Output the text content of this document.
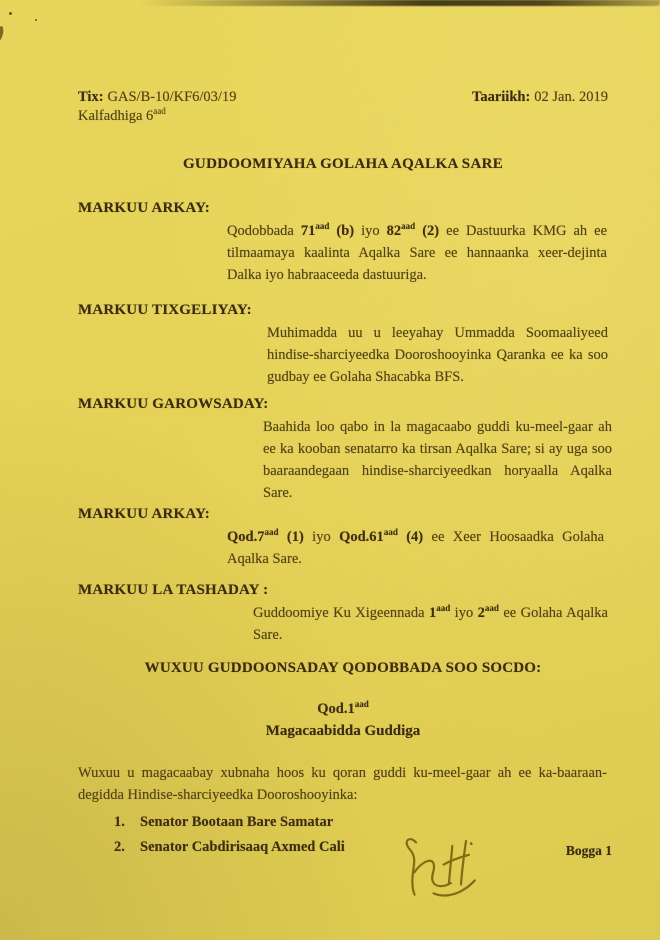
Tix: GAS/B-10/KF6/03/19
Kalfadhiga $6^{aad}$
Taariikh: 02 Jan. 2019
GUDDOOMIYAHA GOLAHA AQALKA SARE
MARKUU ARKAY:
Qodobbada $71^{aad}$ (b) iyo $82^{aad}$ (2) ee Dastuurka KMG ah ee tilmaamaya kaalinta Aqalka Sare ee hannaanka xeer-dejinta Dalka iyo habraaceeda dastuuriga.
MARKUU TIXGELIYAY:
Muhimadda uu u leeyahay Ummadda Soomaaliyeed hindise-sharciyeedka Dooroshooyinka Qaranka ee ka soo gudbay ee Golaha Shacabka BFS.
MARKUU GAROWSADAY:
Baahida loo qabo in la magacaabo guddi ku-meel-gaar ah ee ka kooban senatarro ka tirsan Aqalka Sare; si ay uga soo baaraandegaan hindise-sharciyeedkan horyaalla Aqalka Sare.
MARKUU ARKAY:
Qod.7$^{aad}$ (1) iyo Qod.61$^{aad}$ (4) ee Xeer Hoosaadka Golaha Aqalka Sare.
MARKUU LA TASHADAY :
Guddoomiye Ku Xigeennada $1^{aad}$ iyo $2^{aad}$ ee Golaha Aqalka Sare.
WUXUU GUDDOONSADAY QODOBBADA SOO SOCDO:
Qod.1$^{aad}$
Magacaabidda Guddiga
Wuxuu u magacaabay xubnaha hoos ku qoran guddi ku-meel-gaar ah ee ka-baaraan-degidda Hindise-sharciyeedka Dooroshooyinka:
1.	Senator Bootaan Bare Samatar
2.	Senator Cabdirisaaq Axmed Cali	Bogga 1
